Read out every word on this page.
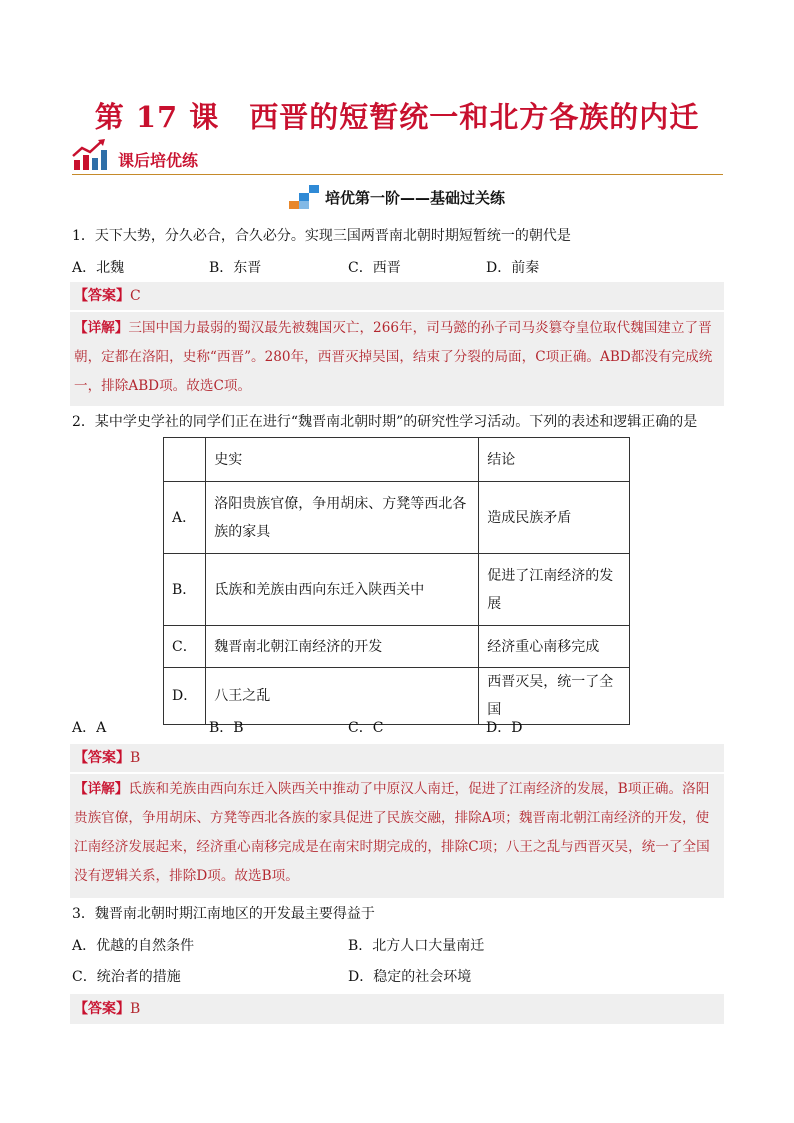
第 17 课　西晋的短暂统一和北方各族的内迁
课后培优练
培优第一阶——基础过关练
1．天下大势，分久必合，合久必分。实现三国两晋南北朝时期短暂统一的朝代是
A．北魏	B．东晋	C．西晋	D．前秦
【答案】C
【详解】三国中国力最弱的蜀汉最先被魏国灭亡，266年，司马懿的孙子司马炎篡夺皇位取代魏国建立了晋朝，定都在洛阳，史称“西晋”。280年，西晋灭掉吴国，结束了分裂的局面，C项正确。ABD都没有完成统一，排除ABD项。故选C项。
2．某中学史学社的同学们正在进行“魏晋南北朝时期”的研究性学习活动。下列的表述和逻辑正确的是
	史实	结论
A．	洛阳贵族官僚，争用胡床、方凳等西北各族的家具	造成民族矛盾
B．	氐族和羌族由西向东迁入陕西关中	促进了江南经济的发展
C．	魏晋南北朝江南经济的开发	经济重心南移完成
D．	八王之乱	西晋灭吴，统一了全国
A．A	B．B	C．C	D．D
【答案】B
【详解】氐族和羌族由西向东迁入陕西关中推动了中原汉人南迁，促进了江南经济的发展，B项正确。洛阳贵族官僚，争用胡床、方凳等西北各族的家具促进了民族交融，排除A项；魏晋南北朝江南经济的开发，使江南经济发展起来，经济重心南移完成是在南宋时期完成的，排除C项；八王之乱与西晋灭吴，统一了全国没有逻辑关系，排除D项。故选B项。
3．魏晋南北朝时期江南地区的开发最主要得益于
A．优越的自然条件	B．北方人口大量南迁
C．统治者的措施	D．稳定的社会环境
【答案】B
